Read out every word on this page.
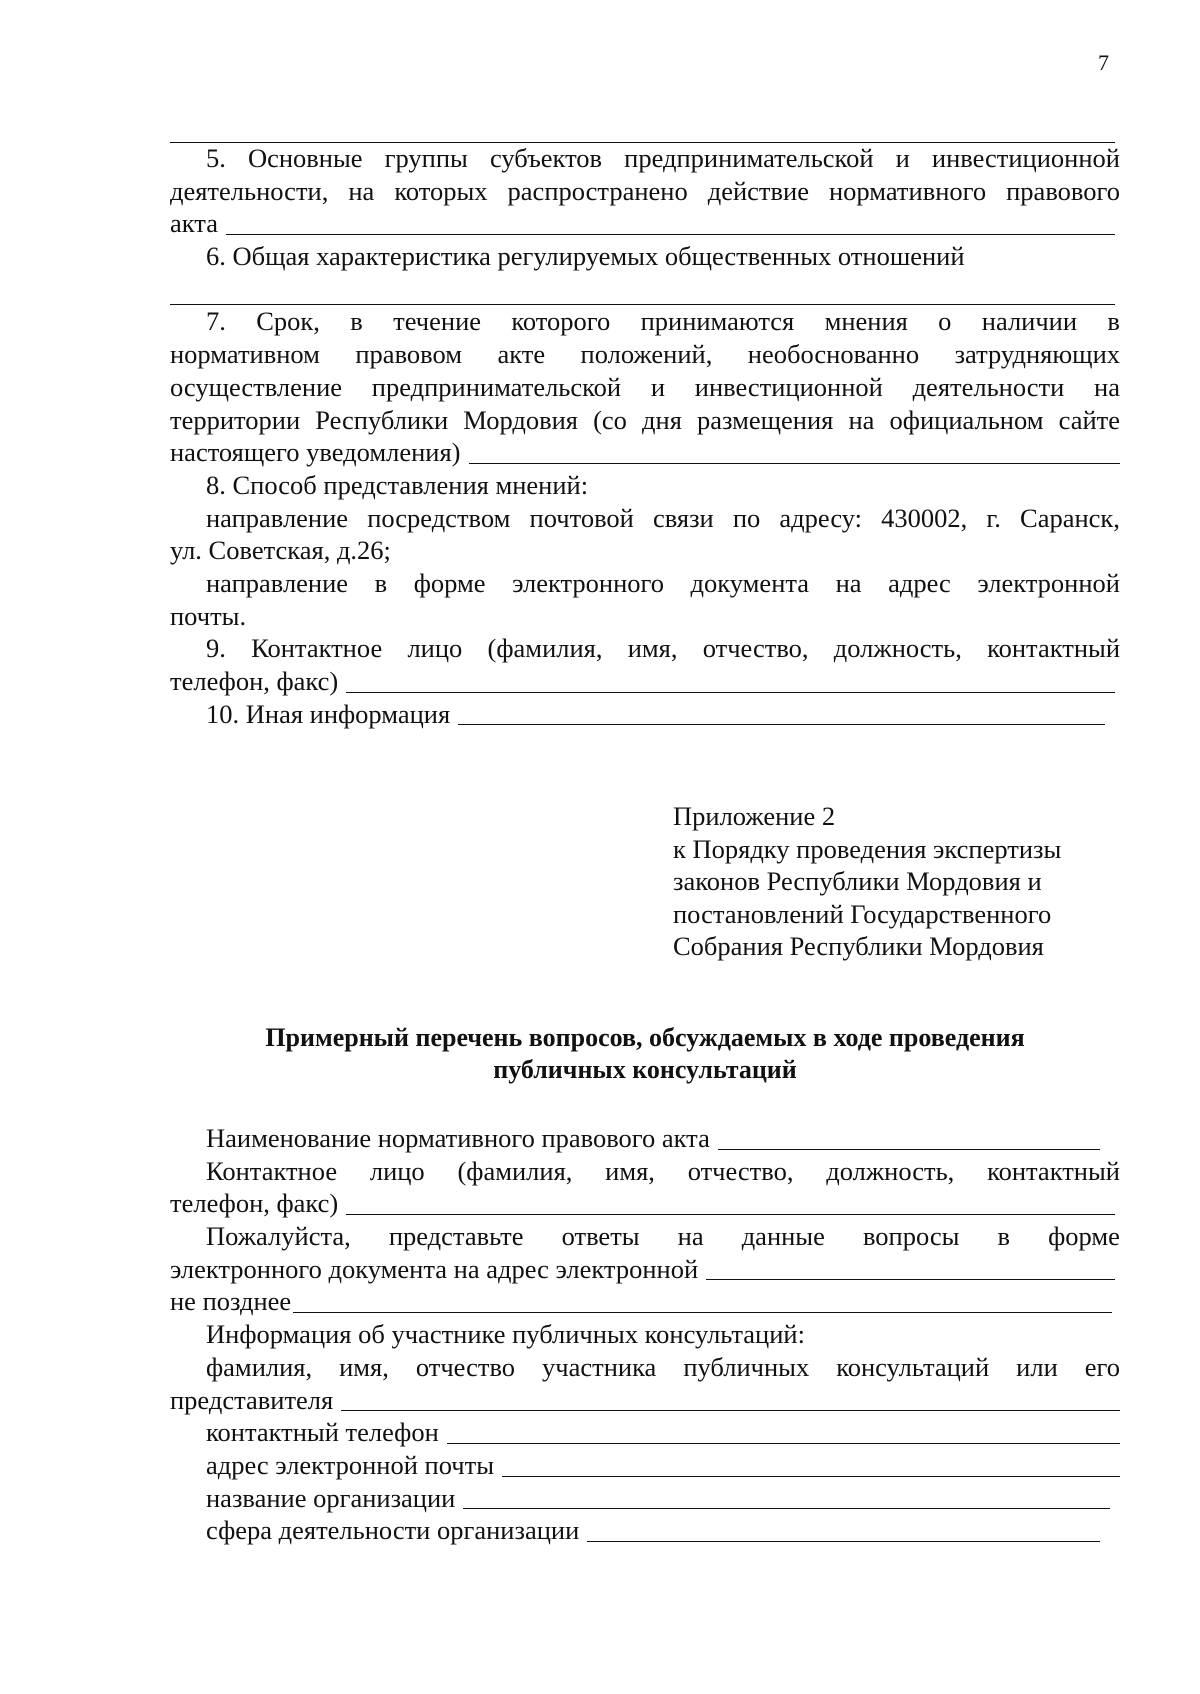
7
5. Основные группы субъектов предпринимательской и инвестиционной
деятельности, на которых распространено действие нормативного правового
акта
6. Общая характеристика регулируемых общественных отношений
7. Срок, в течение которого принимаются мнения о наличии в
нормативном правовом акте положений, необоснованно затрудняющих
осуществление предпринимательской и инвестиционной деятельности на
территории Республики Мордовия (со дня размещения на официальном сайте
настоящего уведомления)
8. Способ представления мнений:
направление посредством почтовой связи по адресу: 430002, г. Саранск,
ул. Советская, д.26;
направление в форме электронного документа на адрес электронной
почты.
9. Контактное лицо (фамилия, имя, отчество, должность, контактный
телефон, факс)
10. Иная информация
Приложение 2
к Порядку проведения экспертизы
законов Республики Мордовия и
постановлений Государственного
Собрания Республики Мордовия
Примерный перечень вопросов, обсуждаемых в ходе проведения
публичных консультаций
Наименование нормативного правового акта
Контактное лицо (фамилия, имя, отчество, должность, контактный
телефон, факс)
Пожалуйста, представьте ответы на данные вопросы в форме
электронного документа на адрес электронной
не позднее
Информация об участнике публичных консультаций:
фамилия, имя, отчество участника публичных консультаций или его
представителя
контактный телефон
адрес электронной почты
название организации
сфера деятельности организации
